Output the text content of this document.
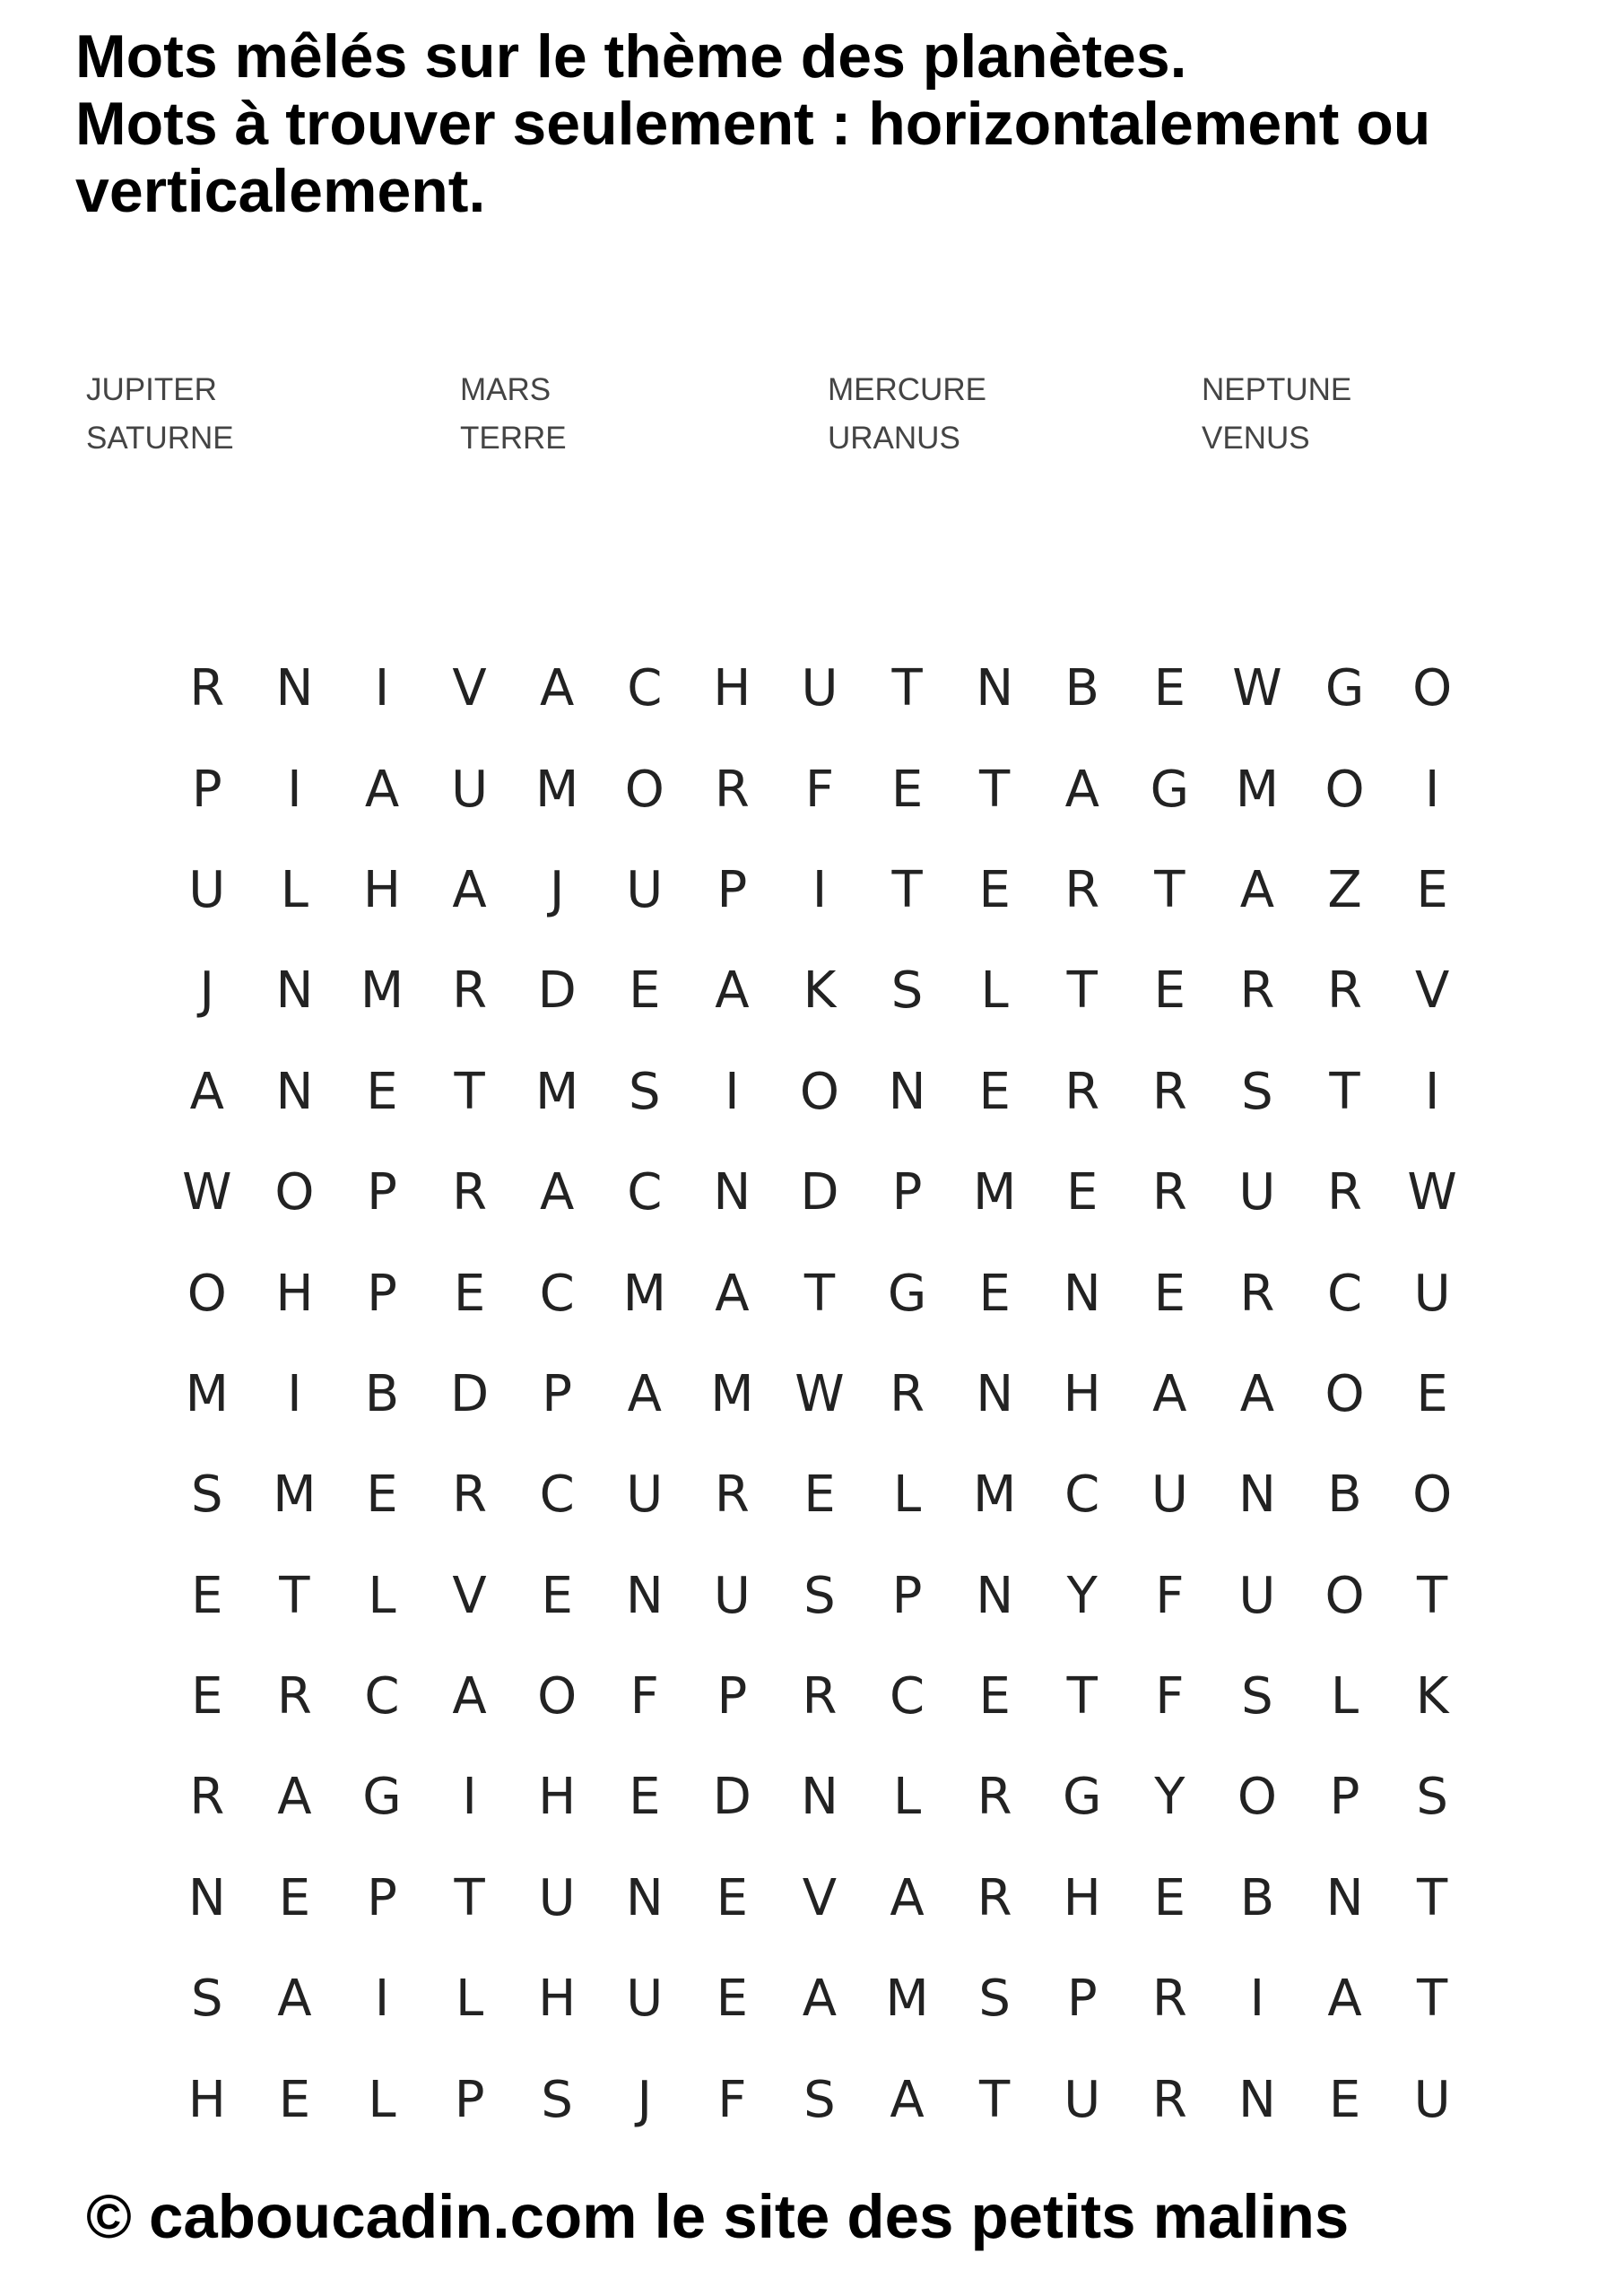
Mots mêlés sur le thème des planètes.
Mots à trouver seulement : horizontalement ou
verticalement.
JUPITER	MARS	MERCURE	NEPTUNE
SATURNE	TERRE	URANUS	VENUS
R	N	I	V	A	C	H	U	T	N	B	E W G O
P	I	A	U M O	R	F	E	T	A	G M O	I
U	L	H	A	J	U	P	I	T	E	R	T	A	Z	E
J	N M R	D	E	A	K	S	L	T	E	R	R	V
A	N	E	T	M S	I	O N	E	R	R	S	T	I
W O	P	R	A	C	N D	P	M E	R	U	R W
O H	P	E	C M A	T	G	E	N	E	R	C	U
M	I	B	D	P	A M W R	N H	A	A	O	E
S M E	R	C	U	R	E	L	M C	U	N	B	O
E	T	L	V	E	N	U	S	P	N	Y	F	U O	T
E	R	C	A	O	F	P	R	C	E	T	F	S	L	K
R	A	G	I	H	E	D N	L	R	G	Y	O	P	S
N	E	P	T	U	N	E	V	A	R	H	E	B	N	T
S	A	I	L	H	U	E	A M S	P	R	I	A	T
H	E	L	P	S	J	F	S	A	T	U	R	N	E	U

© caboucadin.com le site des petits malins
